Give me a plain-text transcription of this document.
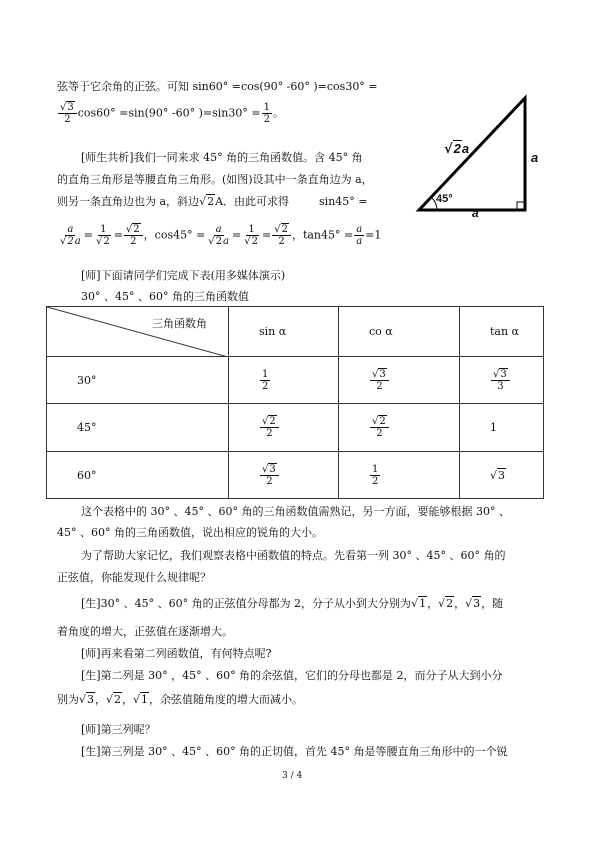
弦等于它余角的正弦。可知 sin60° =cos(90° -60° )=cos30° =
$\frac{√3}{2} \cos 60^\circ =\sin(90^\circ$ -60° )$=\sin 30^\circ = \frac{1}{2}$ 。
[师生共析]我们一同来求 45° 角的三角函数值。含 45° 角
的直角三角形是等腰直角三角形。(如图)设其中一条直角边为 a，
则另一条直角边也为 a，斜边√2A．由此可求得	sin45° =
$\frac{a}{√2a} = \frac{1}{√2} = \frac{√2}{2}$ ，$\cos 45^\circ = \frac{a}{√2a} = \frac{1}{√2} = \frac{√2}{2}$ ，$\tan 45^\circ = \frac{a}{a} =1$
√2a
a
a
45°
[师]下面请同学们完成下表(用多媒体演示)
30° 、45° 、60° 角的三角函数值
三角函数角	sin α	co α	tan α
30°	$\frac{1}{2}$	$\frac{√3}{2}$	$\frac{√3}{3}$

45°	$\frac{√2}{2}$	$\frac{√2}{2}$	1
60°	$\frac{√3}{2}$	$\frac{1}{2}$	√3
这个表格中的 30° 、45° 、60° 角的三角函数值需熟记，另一方面，要能够根据 30° 、
45° 、60° 角的三角函数值，说出相应的锐角的大小。
为了帮助大家记忆，我们观察表格中函数值的特点。先看第一列 30° 、45° 、60° 角的
正弦值，你能发现什么规律呢？
[生]30° 、45° 、60° 角的正弦值分母都为 2，分子从小到大分别为√1，√2，√3，随
着角度的增大，正弦值在逐渐增大。
[师]再来看第二列函数值，有何特点呢?
[生]第二列是 30° ，45° 、60° 角的余弦值，它们的分母也都是 2，而分子从大到小分
别为√3，√2，√1，余弦值随角度的增大而减小。
[师]第三列呢？
[生]第三列是 30° 、45° 、60° 角的正切值，首先 45° 角是等腰直角三角形中的一个锐
3 / 4
